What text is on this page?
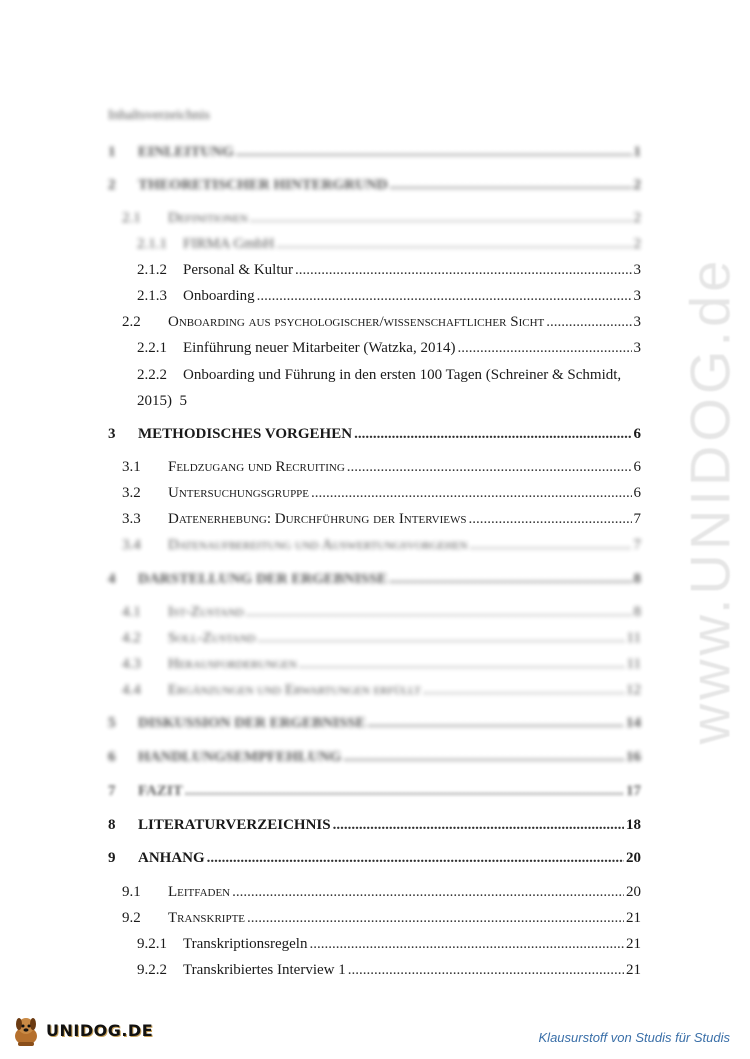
www.UNIDOG.de
Inhaltsverzeichnis
1	EINLEITUNG .....	1
2	THEORETISCHER HINTERGRUND .....	2
2.1	Definitionen .....	2
2.1.1	FIRMA GmbH .....	2
2.1.2	Personal & Kultur .....	3
2.1.3	Onboarding .....	3
2.2	Onboarding aus psychologischer/wissenschaftlicher Sicht .....	3
2.2.1	Einführung neuer Mitarbeiter (Watzka, 2014) .....	3
2.2.2 Onboarding und Führung in den ersten 100 Tagen (Schreiner & Schmidt,
2015) 5
3	METHODISCHES VORGEHEN .....	6
3.1	Feldzugang und Recruiting .....	6
3.2	Untersuchungsgruppe .....	6
3.3	Datenerhebung: Durchführung der Interviews .....	7
3.4	Datenaufbereitung und Auswertungsvorgehen .....	7
4	DARSTELLUNG DER ERGEBNISSE .....	8
4.1	Ist-Zustand .....	8
4.2	Soll-Zustand .....	11
4.3	Herausforderungen .....	11
4.4	Ergänzungen und Erwartungen erfüllt .....	12
5	DISKUSSION DER ERGEBNISSE .....	14
6	HANDLUNGSEMPFEHLUNG .....	16
7	FAZIT .....	17
8	LITERATURVERZEICHNIS .....	18
9	ANHANG .....	20
9.1	Leitfaden .....	20
9.2	Transkripte .....	21
9.2.1	Transkriptionsregeln .....	21
9.2.2	Transkribiertes Interview 1 .....	21
UNIDOG.DE	Klausurstoff von Studis für Studis
